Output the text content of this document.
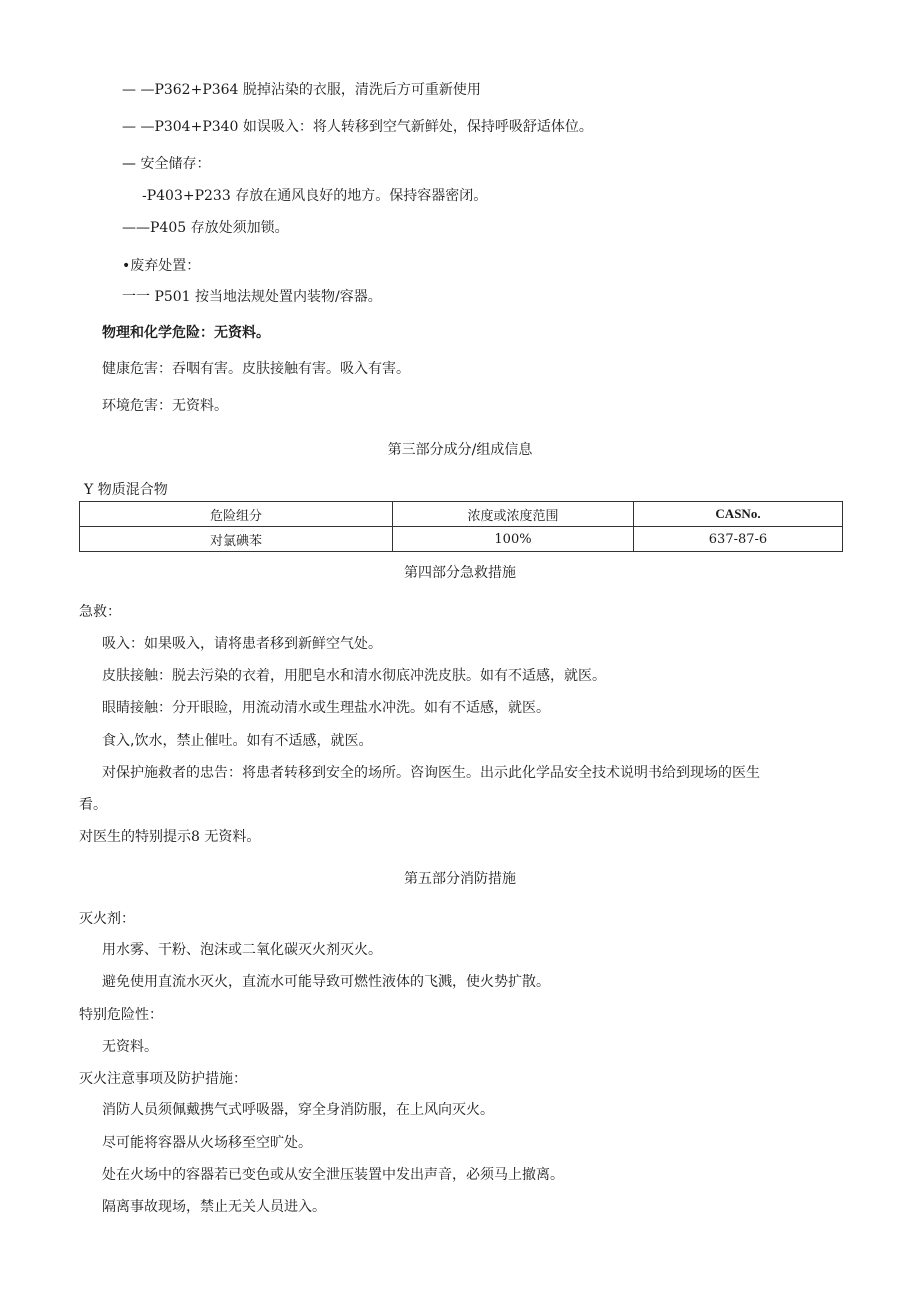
— —P362+P364 脱掉沾染的衣服，清洗后方可重新使用
— —P304+P340 如误吸入：将人转移到空气新鲜处，保持呼吸舒适体位。
— 安全储存：
-P403+P233 存放在通风良好的地方。保持容器密闭。
——P405 存放处须加锁。
•废弃处置：
一一 P501 按当地法规处置内装物/容器。
物理和化学危险：无资料。
健康危害：吞咽有害。皮肤接触有害。吸入有害。
环境危害：无资料。
第三部分成分/组成信息
Y 物质混合物
危险组分	浓度或浓度范围	CASNo.
对氯碘苯	100%	637-87-6
第四部分急救措施
急救：
吸入：如果吸入，请将患者移到新鲜空气处。
皮肤接触：脱去污染的衣着，用肥皂水和清水彻底冲洗皮肤。如有不适感，就医。
眼睛接触：分开眼睑，用流动清水或生理盐水冲洗。如有不适感，就医。
食入,饮水，禁止催吐。如有不适感，就医。
对保护施救者的忠告：将患者转移到安全的场所。咨询医生。出示此化学品安全技术说明书给到现场的医生
看。
对医生的特别提示8 无资料。
第五部分消防措施
灭火剂：
用水雾、干粉、泡沫或二氧化碳灭火剂灭火。
避免使用直流水灭火，直流水可能导致可燃性液体的飞溅，使火势扩散。
特别危险性：
无资料。
灭火注意事项及防护措施：
消防人员须佩戴携气式呼吸器，穿全身消防服，在上风向灭火。
尽可能将容器从火场移至空旷处。
处在火场中的容器若已变色或从安全泄压装置中发出声音，必须马上撤离。
隔离事故现场，禁止无关人员进入。
